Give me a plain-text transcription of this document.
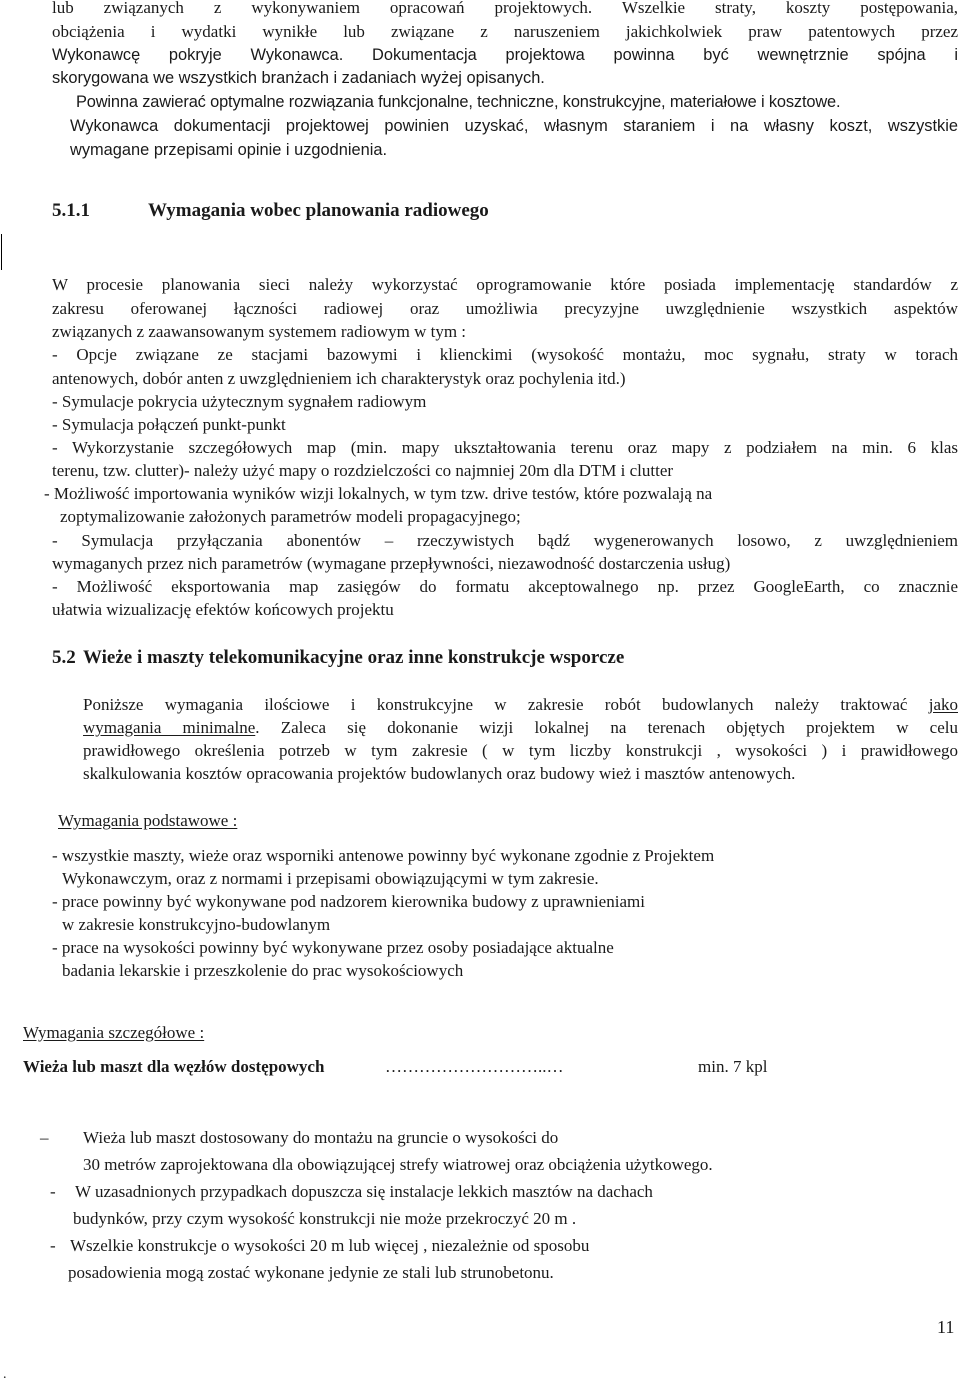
lub związanych z wykonywaniem opracowań projektowych. Wszelkie straty, koszty postępowania,
obciążenia i wydatki wynikłe lub związane z naruszeniem jakichkolwiek praw patentowych przez
Wykonawcę pokryje Wykonawca. Dokumentacja projektowa powinna być wewnętrznie spójna i
skorygowana we wszystkich branżach i zadaniach wyżej opisanych.
Powinna zawierać optymalne rozwiązania funkcjonalne, techniczne, konstrukcyjne, materiałowe i kosztowe.
Wykonawca dokumentacji projektowej powinien uzyskać, własnym staraniem i na własny koszt, wszystkie
wymagane przepisami opinie i uzgodnienia.
5.1.1	Wymagania wobec planowania radiowego
W procesie planowania sieci należy wykorzystać oprogramowanie które posiada implementację standardów z
zakresu oferowanej łączności radiowej oraz umożliwia precyzyjne uwzględnienie wszystkich aspektów
związanych z zaawansowanym systemem radiowym w tym :
- Opcje związane ze stacjami bazowymi i klienckimi (wysokość montażu, moc sygnału, straty w torach
antenowych, dobór anten z uwzględnieniem ich charakterystyk oraz pochylenia itd.)
- Symulacje pokrycia użytecznym sygnałem radiowym
- Symulacja połączeń punkt-punkt
- Wykorzystanie szczegółowych map (min. mapy ukształtowania terenu oraz mapy z podziałem na min. 6 klas
terenu, tzw. clutter)- należy użyć mapy o rozdzielczości co najmniej 20m dla DTM i clutter
- Możliwość importowania wyników wizji lokalnych, w tym tzw. drive testów, które pozwalają na
zoptymalizowanie założonych parametrów modeli propagacyjnego;
- Symulacja przyłączania abonentów – rzeczywistych bądź wygenerowanych losowo, z uwzględnieniem
wymaganych przez nich parametrów (wymagane przepływności, niezawodność dostarczenia usług)
- Możliwość eksportowania map zasięgów do formatu akceptowalnego np. przez GoogleEarth, co znacznie
ułatwia wizualizację efektów końcowych projektu
5.2 Wieże i maszty telekomunikacyjne oraz inne konstrukcje wsporcze
Poniższe wymagania ilościowe i konstrukcyjne w zakresie robót budowlanych należy traktować jako
wymagania minimalne. Zaleca się dokonanie wizji lokalnej na terenach objętych projektem w celu
prawidłowego określenia potrzeb w tym zakresie ( w tym liczby konstrukcji , wysokości ) i prawidłowego
skalkulowania kosztów opracowania projektów budowlanych oraz budowy wież i masztów antenowych.
Wymagania podstawowe :
- wszystkie maszty, wieże oraz wsporniki antenowe powinny być wykonane zgodnie z Projektem
Wykonawczym, oraz z normami i przepisami obowiązującymi w tym zakresie.
- prace powinny być wykonywane pod nadzorem kierownika budowy z uprawnieniami
w zakresie konstrukcyjno-budowlanym
- prace na wysokości powinny być wykonywane przez osoby posiadające aktualne
badania lekarskie i przeszkolenie do prac wysokościowych
Wymagania szczegółowe :
Wieża lub maszt dla węzłów dostępowych	………………………..…	min. 7 kpl
– Wieża lub maszt dostosowany do montażu na gruncie o wysokości do
30 metrów zaprojektowana dla obowiązującej strefy wiatrowej oraz obciążenia użytkowego.
- W uzasadnionych przypadkach dopuszcza się instalacje lekkich masztów na dachach
budynków, przy czym wysokość konstrukcji nie może przekroczyć 20 m .
- Wszelkie konstrukcje o wysokości 20 m lub więcej , niezależnie od sposobu
posadowienia mogą zostać wykonane jedynie ze stali lub strunobetonu.
11
.
